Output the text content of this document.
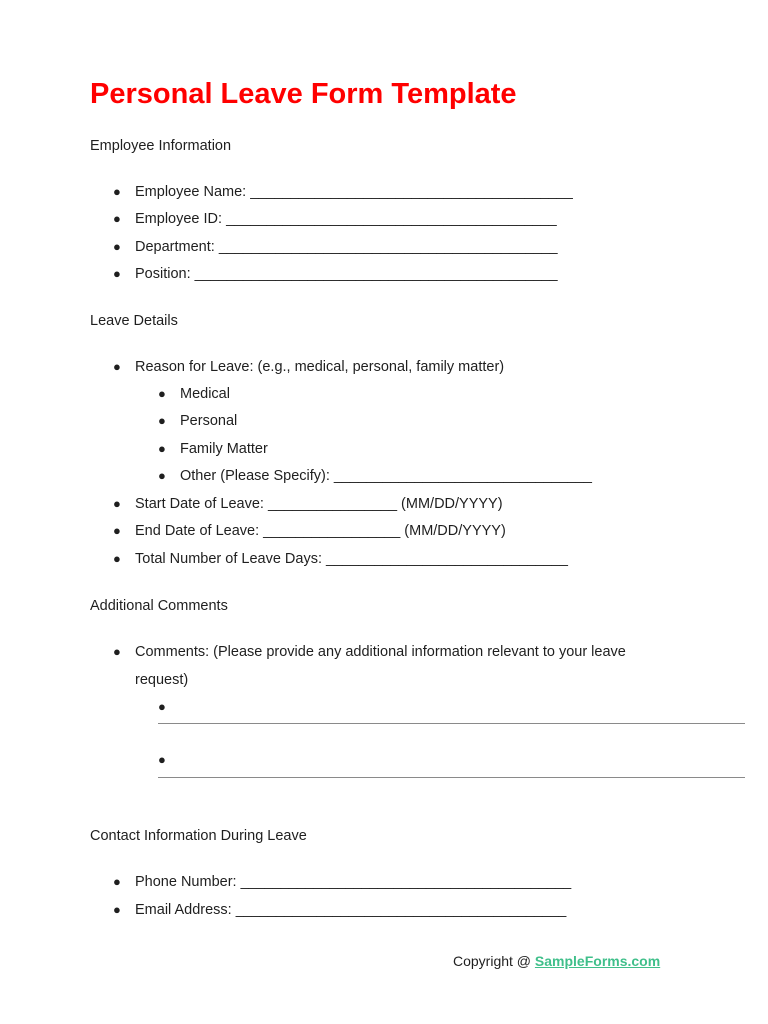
Personal Leave Form Template
Employee Information
● Employee Name: ________________________________________
● Employee ID: _________________________________________
● Department: __________________________________________
● Position: _____________________________________________
Leave Details
● Reason for Leave: (e.g., medical, personal, family matter)
● Medical
● Personal
● Family Matter
● Other (Please Specify): ________________________________
● Start Date of Leave: ________________ (MM/DD/YYYY)
● End Date of Leave: _________________ (MM/DD/YYYY)
● Total Number of Leave Days: ______________________________
Additional Comments
● Comments: (Please provide any additional information relevant to your leave
request)
●
●
Contact Information During Leave
● Phone Number: _________________________________________
● Email Address: _________________________________________
Copyright @ SampleForms.com
